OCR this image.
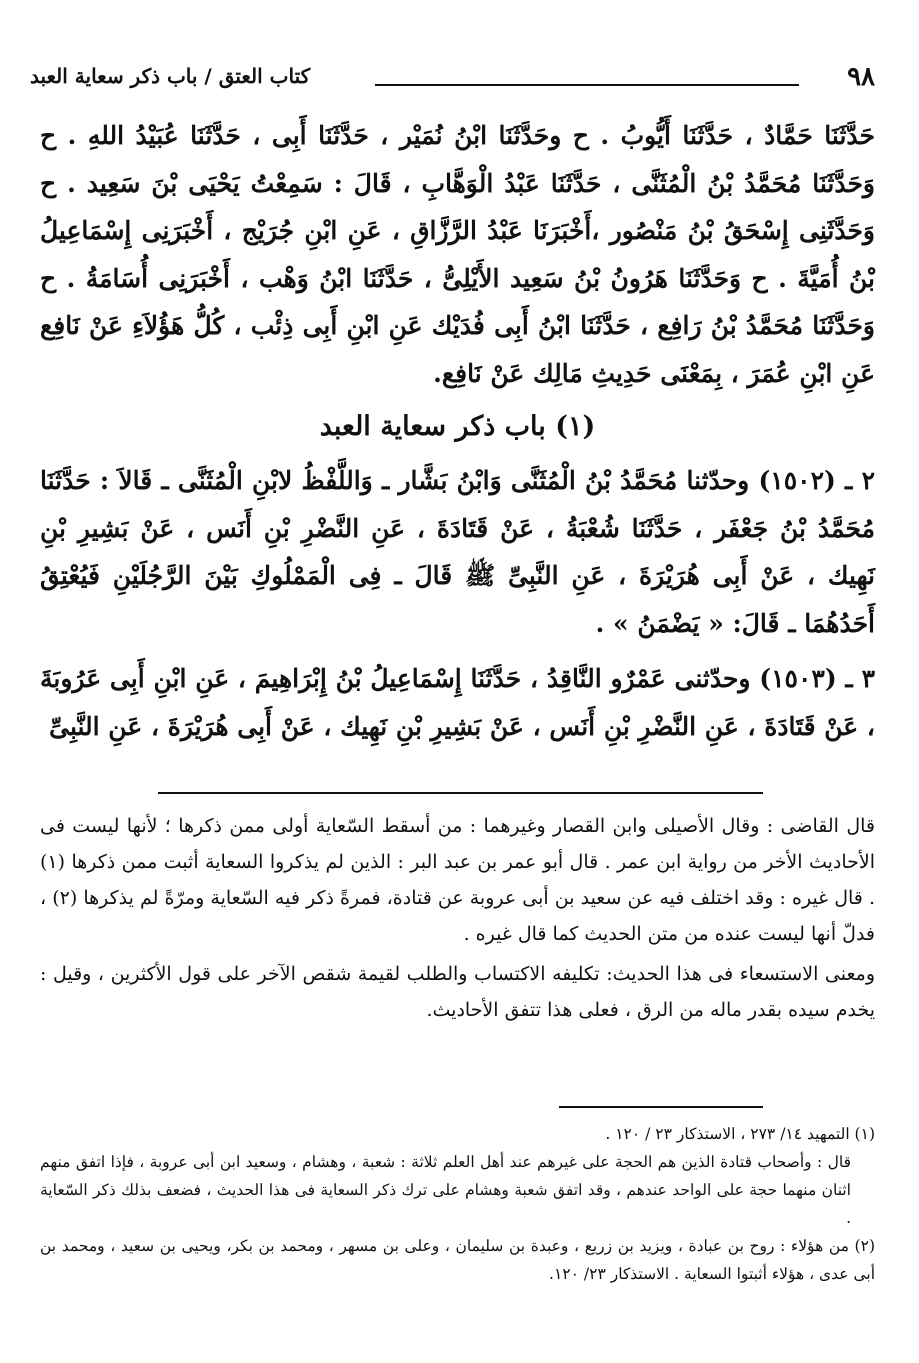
٩٨
كتاب العتق / باب ذكر سعاية العبد

حَدَّثَنَا حَمَّادٌ ، حَدَّثَنَا أَيُّوبُ . ح وحَدَّثَنَا ابْنُ نُمَيْر ، حَدَّثَنَا أَبِى ، حَدَّثَنَا عُبَيْدُ اللهِ . ح وَحَدَّثَنَا مُحَمَّدُ بْنُ الْمُثَنَّى ، حَدَّثَنَا عَبْدُ الْوَهَّابِ ، قَالَ : سَمِعْتُ يَحْيَى بْنَ سَعِيد . ح وَحَدَّثَنِى إِسْحَقُ بْنُ مَنْصُور ،أَخْبَرَنَا عَبْدُ الرَّزَّاقِ ، عَنِ ابْنِ جُرَيْج ، أَخْبَرَنِى إِسْمَاعِيلُ بْنُ أُمَيَّةَ . ح وَحَدَّثَنَا هَرُونُ بْنُ سَعِيد الأَيْلِىُّ ، حَدَّثَنَا ابْنُ وَهْب ، أَخْبَرَنِى أُسَامَةُ . ح وَحَدَّثَنَا مُحَمَّدُ بْنُ رَافِع ، حَدَّثَنَا ابْنُ أَبِى فُدَيْك عَنِ ابْنِ أَبِى ذِئْب ، كُلُّ هَؤُلاَءِ عَنْ نَافِع عَنِ ابْنِ عُمَرَ ، بِمَعْنَى حَدِيثِ مَالِك عَنْ نَافِع.

(١) باب ذكر سعاية العبد

٢ ـ (١٥٠٢) وحدّثنا مُحَمَّدُ بْنُ الْمُثَنَّى وَابْنُ بَشَّار ـ وَاللَّفْظُ لابْنِ الْمُثَنَّى ـ قَالاَ : حَدَّثَنَا مُحَمَّدُ بْنُ جَعْفَر ، حَدَّثَنَا شُعْبَةُ ، عَنْ قَتَادَةَ ، عَنِ النَّضْرِ بْنِ أَنَس ، عَنْ بَشِيرِ بْنِ نَهِيك ، عَنْ أَبِى هُرَيْرَةَ ، عَنِ النَّبِىِّ ﷺ قَالَ ـ فِى الْمَمْلُوكِ بَيْنَ الرَّجُلَيْنِ فَيُعْتِقُ أَحَدُهُمَا ـ قَالَ: « يَضْمَنُ » .

٣ ـ (١٥٠٣) وحدّثنى عَمْرٌو النَّاقِدُ ، حَدَّثَنَا إِسْمَاعِيلُ بْنُ إِبْرَاهِيمَ ، عَنِ ابْنِ أَبِى عَرُوبَةَ ، عَنْ قَتَادَةَ ، عَنِ النَّضْرِ بْنِ أَنَس ، عَنْ بَشِيرِ بْنِ نَهِيك ، عَنْ أَبِى هُرَيْرَةَ ، عَنِ النَّبِىِّ

قال القاضى : وقال الأصيلى وابن القصار وغيرهما : من أسقط السّعاية أولى ممن ذكرها ؛ لأنها ليست فى الأحاديث الأخر من رواية ابن عمر . قال أبو عمر بن عبد البر : الذين لم يذكروا السعاية أثبت ممن ذكرها (١) . قال غيره : وقد اختلف فيه عن سعيد بن أبى عروبة عن قتادة، فمرةً ذكر فيه السّعاية ومرّةً لم يذكرها (٢) ، فدلّ أنها ليست عنده من متن الحديث كما قال غيره .

ومعنى الاستسعاء فى هذا الحديث: تكليفه الاكتساب والطلب لقيمة شقص الآخر على قول الأكثرين ، وقيل : يخدم سيده بقدر ماله من الرق ، فعلى هذا تتفق الأحاديث.

(١) التمهيد ١٤/ ٢٧٣ ، الاستذكار ٢٣ / ١٢٠ .

قال : وأصحاب قتادة الذين هم الحجة على غيرهم عند أهل العلم ثلاثة : شعبة ، وهشام ، وسعيد ابن أبى عروبة ، فإذا اتفق منهم اثنان منهما حجة على الواحد عندهم ، وقد اتفق شعبة وهشام على ترك ذكر السعاية فى هذا الحديث ، فضعف بذلك ذكر السّعاية .

(٢) من هؤلاء : روح بن عبادة ، ويزيد بن زريع ، وعبدة بن سليمان ، وعلى بن مسهر ، ومحمد بن بكر، ويحيى بن سعيد ، ومحمد بن أبى عدى ، هؤلاء أثبتوا السعاية . الاستذكار ٢٣/ ١٢٠.
